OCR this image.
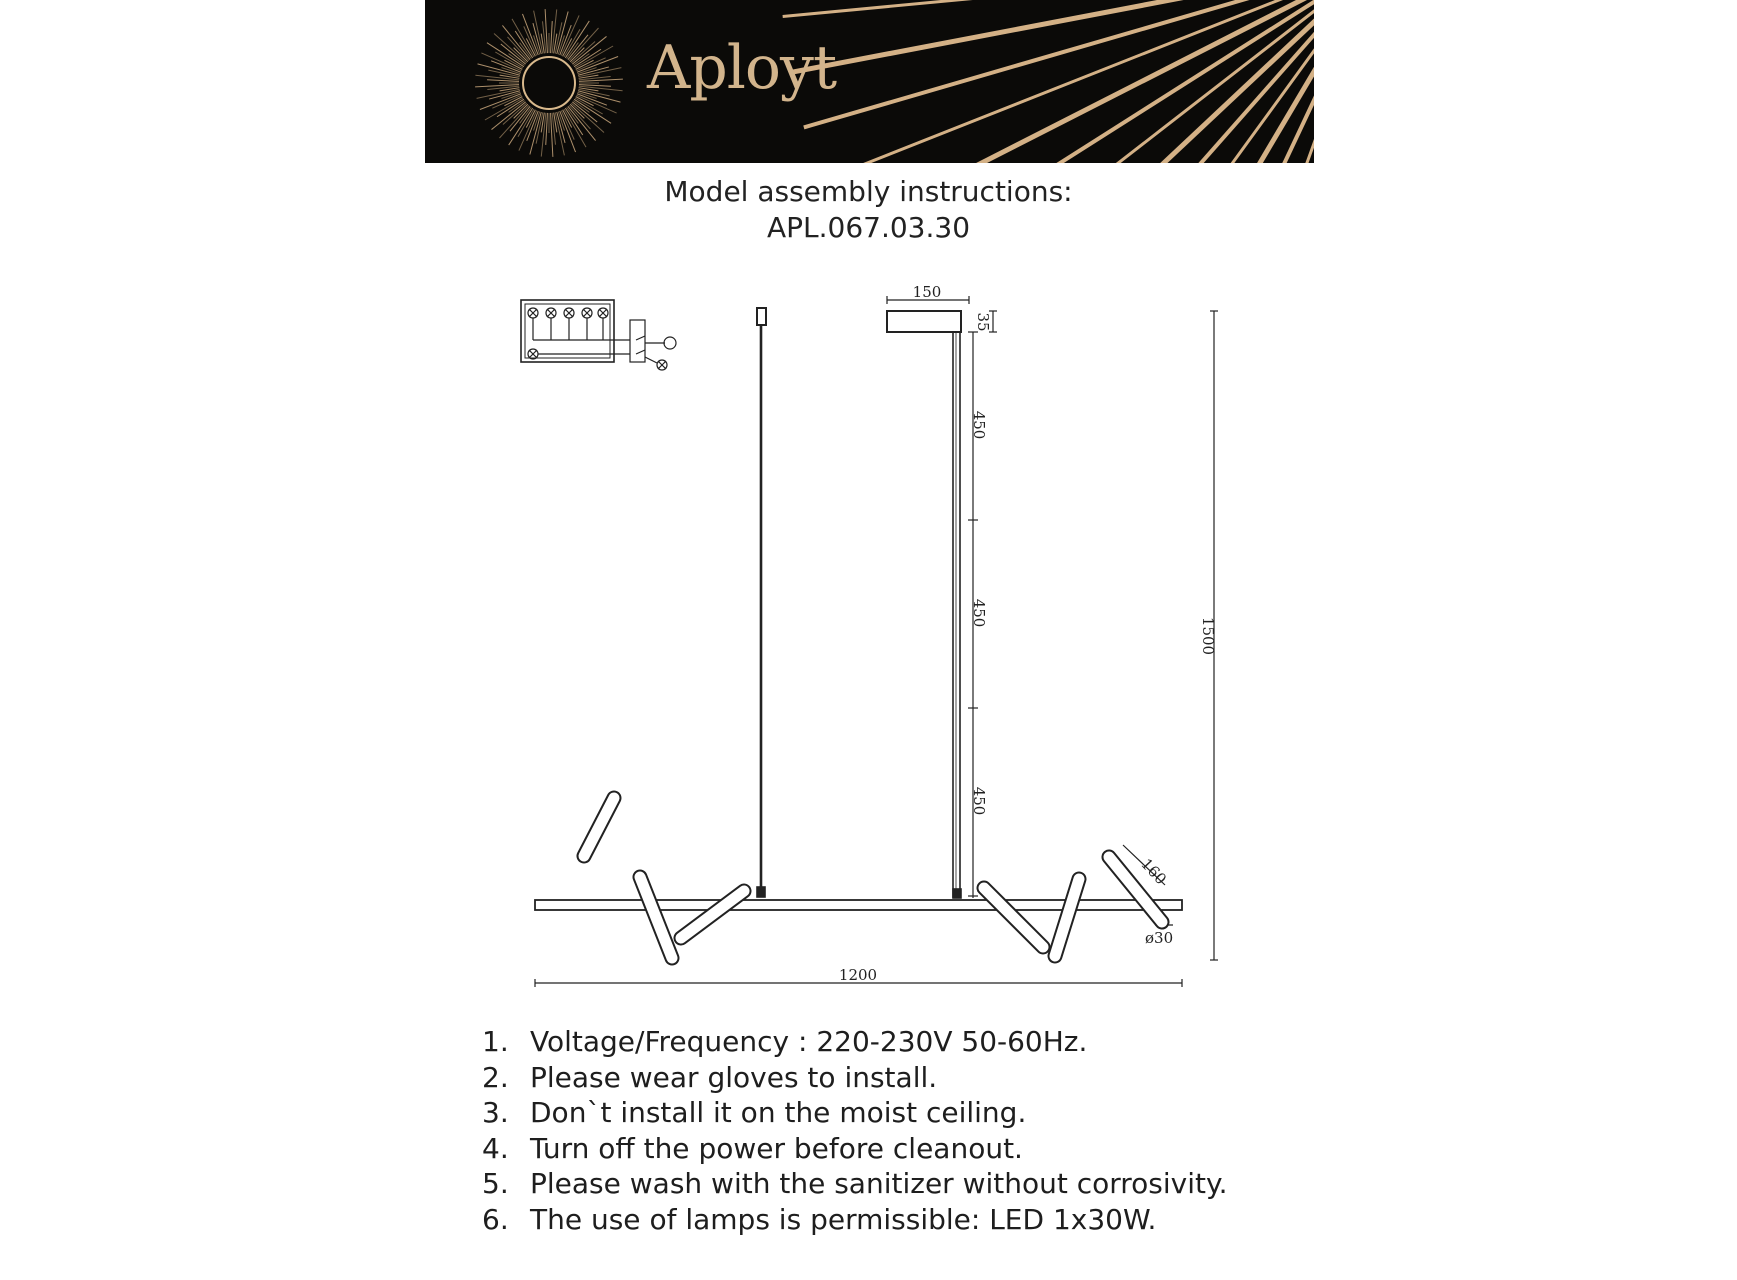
Aployt
Model assembly instructions:
APL.067.03.30
150
35
450
450
450
1500
1200
160
ø30
1. Voltage/Frequency : 220-230V 50-60Hz.
2. Please wear gloves to install.
3. Don`t install it on the moist ceiling.
4. Turn off the power before cleanout.
5. Please wash with the sanitizer without corrosivity.
6. The use of lamps is permissible: LED 1x30W.
